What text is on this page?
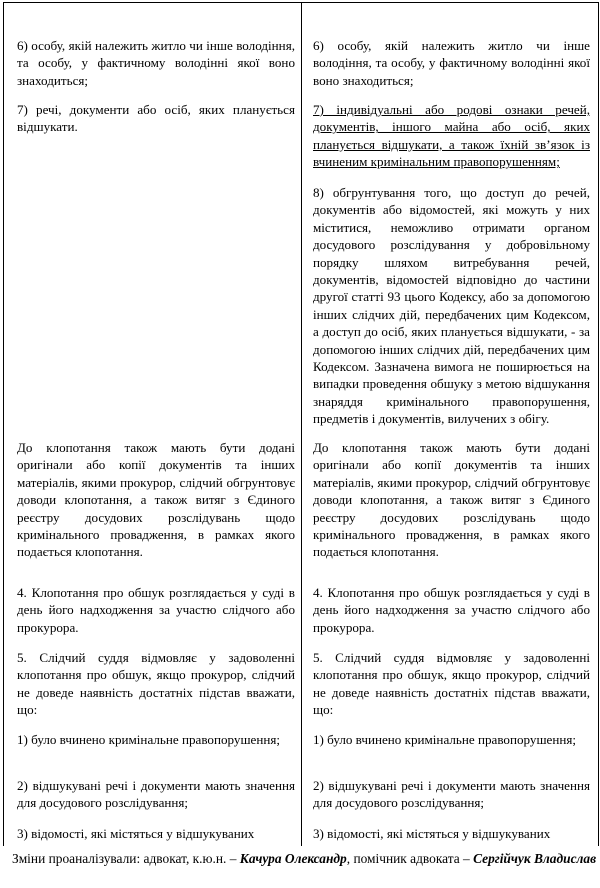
6) особу, якій належить житло чи інше володіння, та особу, у фактичному володінні якої воно знаходиться;

7) речі, документи або осіб, яких планується відшукати.

До клопотання також мають бути додані оригінали або копії документів та інших матеріалів, якими прокурор, слідчий обгрунтовує доводи клопотання, а також витяг з Єдиного реєстру досудових розслідувань щодо кримінального провадження, в рамках якого подається клопотання.

4. Клопотання про обшук розглядається у суді в день його надходження за участю слідчого або прокурора.

5. Слідчий суддя відмовляє у задоволенні клопотання про обшук, якщо прокурор, слідчий не доведе наявність достатніх підстав вважати, що:

1) було вчинено кримінальне правопорушення;

2) відшукувані речі і документи мають значення для досудового розслідування;

3) відомості, які містяться у відшукуваних

6) особу, якій належить житло чи інше володіння, та особу, у фактичному володінні якої воно знаходиться;

7) індивідуальні або родові ознаки речей, документів, іншого майна або осіб, яких планується відшукати, а також їхній зв’язок із вчиненим кримінальним правопорушенням;

8) обгрунтування того, що доступ до речей, документів або відомостей, які можуть у них міститися, неможливо отримати органом досудового розслідування у добровільному порядку шляхом витребування речей, документів, відомостей відповідно до частини другої статті 93 цього Кодексу, або за допомогою інших слідчих дій, передбачених цим Кодексом, а доступ до осіб, яких планується відшукати, - за допомогою інших слідчих дій, передбачених цим Кодексом. Зазначена вимога не поширюється на випадки проведення обшуку з метою відшукання знаряддя кримінального правопорушення, предметів і документів, вилучених з обігу.

До клопотання також мають бути додані оригінали або копії документів та інших матеріалів, якими прокурор, слідчий обгрунтовує доводи клопотання, а також витяг з Єдиного реєстру досудових розслідувань щодо кримінального провадження, в рамках якого подається клопотання.

4. Клопотання про обшук розглядається у суді в день його надходження за участю слідчого або прокурора.

5. Слідчий суддя відмовляє у задоволенні клопотання про обшук, якщо прокурор, слідчий не доведе наявність достатніх підстав вважати, що:

1) було вчинено кримінальне правопорушення;

2) відшукувані речі і документи мають значення для досудового розслідування;

3) відомості, які містяться у відшукуваних

Зміни проаналізували: адвокат, к.ю.н. – Качура Олександр, помічник адвоката – Сергійчук Владислав
